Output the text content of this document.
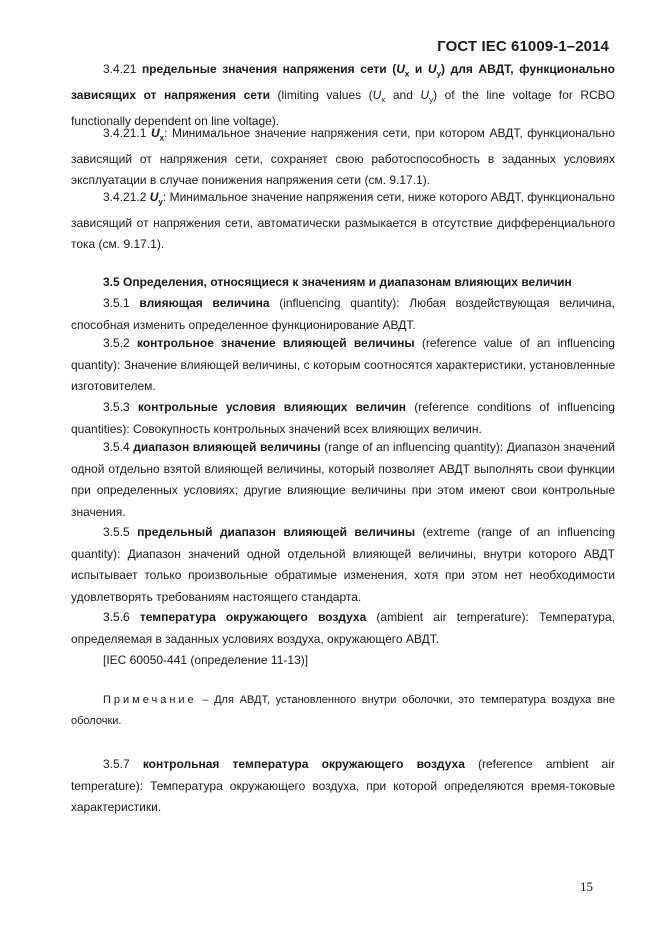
ГОСТ IEC 61009-1–2014

3.4.21 предельные значения напряжения сети ($U_x$ и $U_y$) для АВДТ, функционально зависящих от напряжения сети (limiting values ($U_x$ and $U_y$) of the line voltage for RCBO functionally dependent on line voltage).

3.4.21.1 $U_x$: Минимальное значение напряжения сети, при котором АВДТ, функционально зависящий от напряжения сети, сохраняет свою работоспособность в заданных условиях эксплуатации в случае понижения напряжения сети (см. 9.17.1).

3.4.21.2 $U_y$: Минимальное значение напряжения сети, ниже которого АВДТ, функционально зависящий от напряжения сети, автоматически размыкается в отсутствие дифференциального тока (см. 9.17.1).

3.5 Определения, относящиеся к значениям и диапазонам влияющих величин

3.5.1 влияющая величина (influencing quantity): Любая воздействующая величина, способная изменить определенное функционирование АВДТ.

3.5.2 контрольное значение влияющей величины (reference value of an influencing quantity): Значение влияющей величины, с которым соотносятся характеристики, установленные изготовителем.

3.5.3 контрольные условия влияющих величин (reference conditions of influencing quantities): Совокупность контрольных значений всех влияющих величин.

3.5.4 диапазон влияющей величины (range of an influencing quantity): Диапазон значений одной отдельно взятой влияющей величины, который позволяет АВДТ выполнять свои функции при определенных условиях; другие влияющие величины при этом имеют свои контрольные значения.

3.5.5 предельный диапазон влияющей величины (extreme (range of an influencing quantity): Диапазон значений одной отдельной влияющей величины, внутри которого АВДТ испытывает только произвольные обратимые изменения, хотя при этом нет необходимости удовлетворять требованиям настоящего стандарта.

3.5.6 температура окружающего воздуха (ambient air temperature): Температура, определяемая в заданных условиях воздуха, окружающего АВДТ.

[IEC 60050-441 (определение 11-13)]

Примечание – Для АВДТ, установленного внутри оболочки, это температура воздуха вне оболочки.

3.5.7 контрольная температура окружающего воздуха (reference ambient air temperature): Температура окружающего воздуха, при которой определяются время-токовые характеристики.

15
